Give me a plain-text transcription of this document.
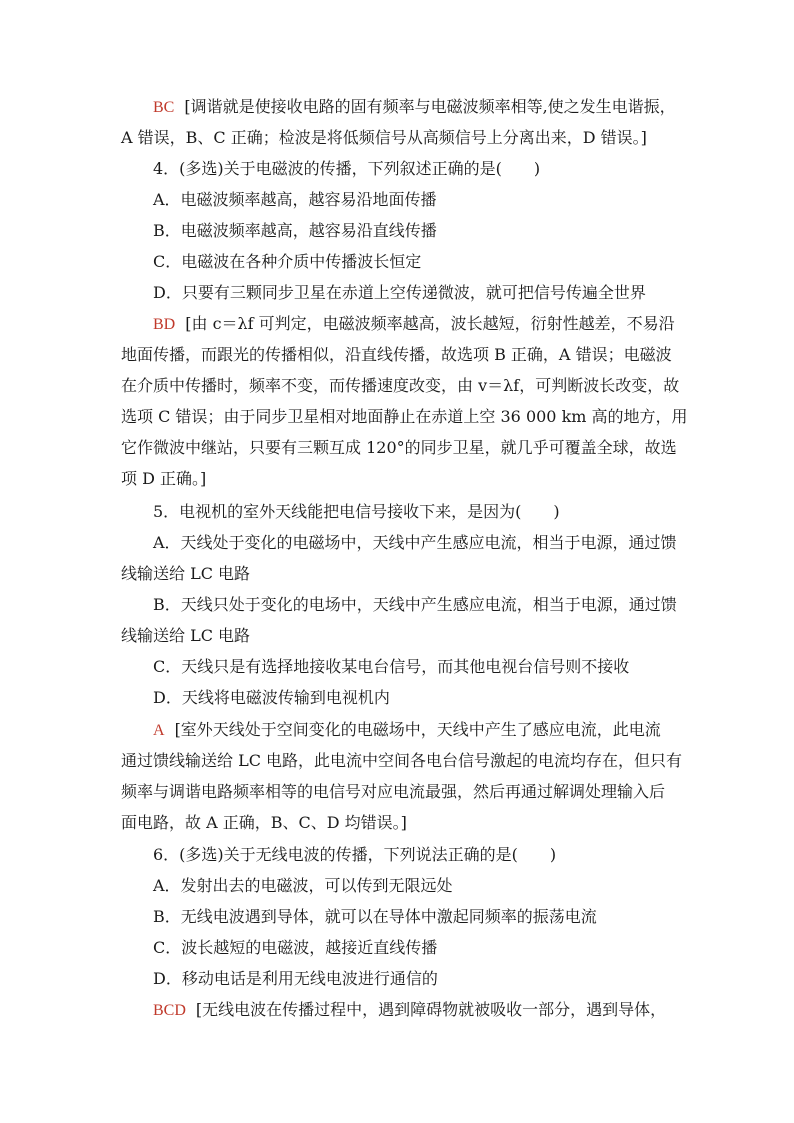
BC [调谐就是使接收电路的固有频率与电磁波频率相等,使之发生电谐振，
A 错误，B、C 正确；检波是将低频信号从高频信号上分离出来，D 错误。]
4．(多选)关于电磁波的传播，下列叙述正确的是(　　)
A．电磁波频率越高，越容易沿地面传播
B．电磁波频率越高，越容易沿直线传播
C．电磁波在各种介质中传播波长恒定
D．只要有三颗同步卫星在赤道上空传递微波，就可把信号传遍全世界
BD [由 c＝λf 可判定，电磁波频率越高，波长越短，衍射性越差，不易沿
地面传播，而跟光的传播相似，沿直线传播，故选项 B 正确，A 错误；电磁波
在介质中传播时，频率不变，而传播速度改变，由 v＝λf，可判断波长改变，故
选项 C 错误；由于同步卫星相对地面静止在赤道上空 36 000 km 高的地方，用
它作微波中继站，只要有三颗互成 120°的同步卫星，就几乎可覆盖全球，故选
项 D 正确。]
5．电视机的室外天线能把电信号接收下来，是因为(　　)
A．天线处于变化的电磁场中，天线中产生感应电流，相当于电源，通过馈
线输送给 LC 电路
B．天线只处于变化的电场中，天线中产生感应电流，相当于电源，通过馈
线输送给 LC 电路
C．天线只是有选择地接收某电台信号，而其他电视台信号则不接收
D．天线将电磁波传输到电视机内
A [室外天线处于空间变化的电磁场中，天线中产生了感应电流，此电流
通过馈线输送给 LC 电路，此电流中空间各电台信号激起的电流均存在，但只有
频率与调谐电路频率相等的电信号对应电流最强，然后再通过解调处理输入后
面电路，故 A 正确，B、C、D 均错误。]
6．(多选)关于无线电波的传播，下列说法正确的是(　　)
A．发射出去的电磁波，可以传到无限远处
B．无线电波遇到导体，就可以在导体中激起同频率的振荡电流
C．波长越短的电磁波，越接近直线传播
D．移动电话是利用无线电波进行通信的
BCD [无线电波在传播过程中，遇到障碍物就被吸收一部分，遇到导体，
